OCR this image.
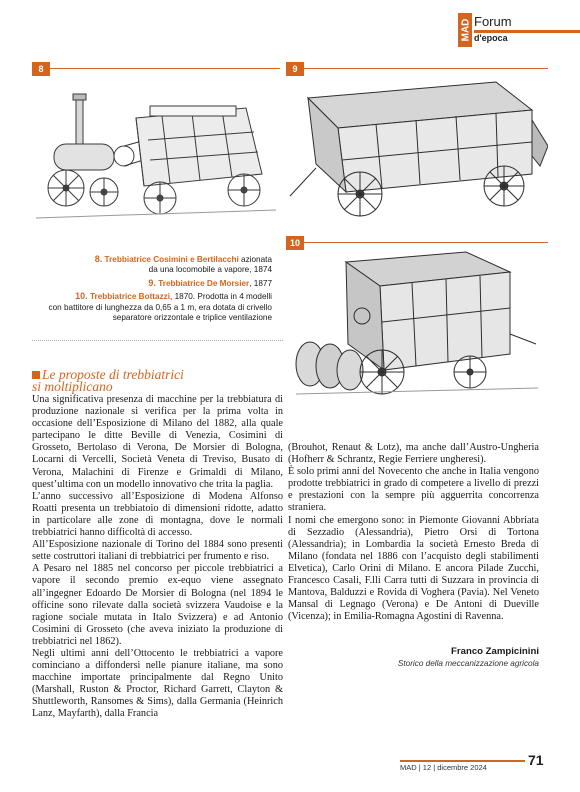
MAD Forum
d'epoca
8	9
10

8. Trebbiatrice Cosimini e Bertilacchi azionata
da una locomobile a vapore, 1874

9. Trebbiatrice De Morsier, 1877

10. Trebbiatrice Bottazzi, 1870. Prodotta in 4 modelli
con battitore di lunghezza da 0,65 a 1 m, era dotata di crivello
separatore orizzontale e triplice ventilazione

Le proposte di trebbiatrici
si moltiplicano

Una significativa presenza di macchine per la trebbiatura di produzione nazionale si verifica per la prima volta in occasione dell’Esposizione di Milano del 1882, alla quale partecipano le ditte Beville di Venezia, Cosimini di Grosseto, Bertolaso di Verona, De Morsier di Bologna, Locarni di Vercelli, Società Veneta di Treviso, Busato di Verona, Malachini di Firenze e Grimaldi di Milano, quest’ultima con un modello innovativo che trita la paglia.

L’anno successivo all’Esposizione di Modena Alfonso Roatti presenta un trebbiatoio di dimensioni ridotte, adatto in particolare alle zone di montagna, dove le normali trebbiatrici hanno difficoltà di accesso.

All’Esposizione nazionale di Torino del 1884 sono presenti sette costruttori italiani di trebbiatrici per frumento e riso.

A Pesaro nel 1885 nel concorso per piccole trebbiatrici a vapore il secondo premio ex-equo viene assegnato all’ingegner Edoardo De Morsier di Bologna (nel 1894 le officine sono rilevate dalla società svizzera Vaudoise e la ragione sociale mutata in Italo Svizzera) e ad Antonio Cosimini di Grosseto (che aveva iniziato la produzione di trebbiatrici nel 1862).

Negli ultimi anni dell’Ottocento le trebbiatrici a vapore cominciano a diffondersi nelle pianure italiane, ma sono macchine importate principalmente dal Regno Unito (Marshall, Ruston & Proctor, Richard Garrett, Clayton & Shuttleworth, Ransomes & Sims), dalla Germania (Heinrich Lanz, Mayfarth), dalla Francia

(Brouhot, Renaut & Lotz), ma anche dall’Austro-Ungheria (Hofherr & Schrantz, Regie Ferriere ungheresi).

È solo primi anni del Novecento che anche in Italia vengono prodotte trebbiatrici in grado di competere a livello di prezzi e prestazioni con la sempre più agguerrita concorrenza straniera.

I nomi che emergono sono: in Piemonte Giovanni Abbriata di Sezzadio (Alessandria), Pietro Orsi di Tortona (Alessandria); in Lombardia la società Ernesto Breda di Milano (fondata nel 1886 con l’acquisto degli stabilimenti Elvetica), Carlo Orini di Milano. E ancora Pilade Zucchi, Francesco Casali, F.lli Carra tutti di Suzzara in provincia di Mantova, Balduzzi e Rovida di Voghera (Pavia). Nel Veneto Mansal di Legnago (Verona) e De Antoni di Dueville (Vicenza); in Emilia-Romagna Agostini di Ravenna.

Franco Zampicinini
Storico della meccanizzazione agricola
MAD | 12 | dicembre 2024	71
